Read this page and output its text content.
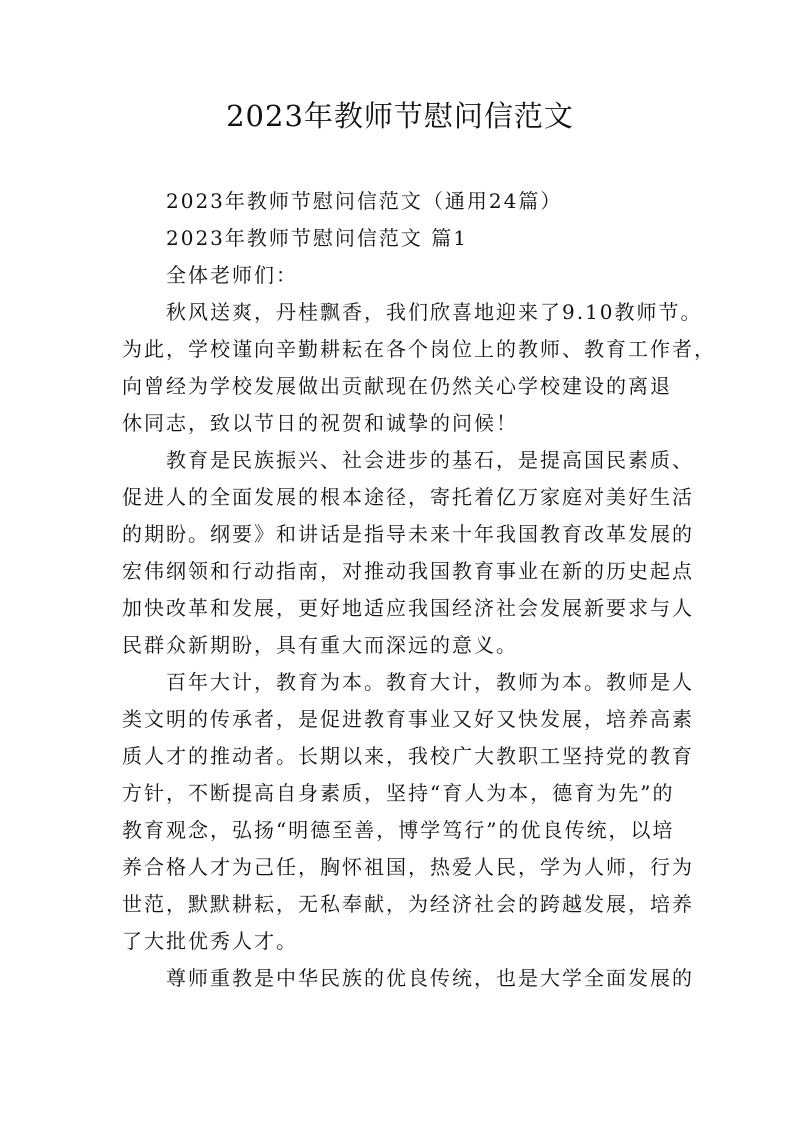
2023年教师节慰问信范文
2023年教师节慰问信范文（通用24篇）
2023年教师节慰问信范文 篇1
全体老师们：
秋风送爽，丹桂飘香，我们欣喜地迎来了9.10教师节。
为此，学校谨向辛勤耕耘在各个岗位上的教师、教育工作者，
向曾经为学校发展做出贡献现在仍然关心学校建设的离退
休同志，致以节日的祝贺和诚挚的问候！
教育是民族振兴、社会进步的基石，是提高国民素质、
促进人的全面发展的根本途径，寄托着亿万家庭对美好生活
的期盼。纲要》和讲话是指导未来十年我国教育改革发展的
宏伟纲领和行动指南，对推动我国教育事业在新的历史起点
加快改革和发展，更好地适应我国经济社会发展新要求与人
民群众新期盼，具有重大而深远的意义。
百年大计，教育为本。教育大计，教师为本。教师是人
类文明的传承者，是促进教育事业又好又快发展，培养高素
质人才的推动者。长期以来，我校广大教职工坚持党的教育
方针，不断提高自身素质，坚持“育人为本，德育为先”的
教育观念，弘扬“明德至善，博学笃行”的优良传统，以培
养合格人才为己任，胸怀祖国，热爱人民，学为人师，行为
世范，默默耕耘，无私奉献，为经济社会的跨越发展，培养
了大批优秀人才。
尊师重教是中华民族的优良传统，也是大学全面发展的
